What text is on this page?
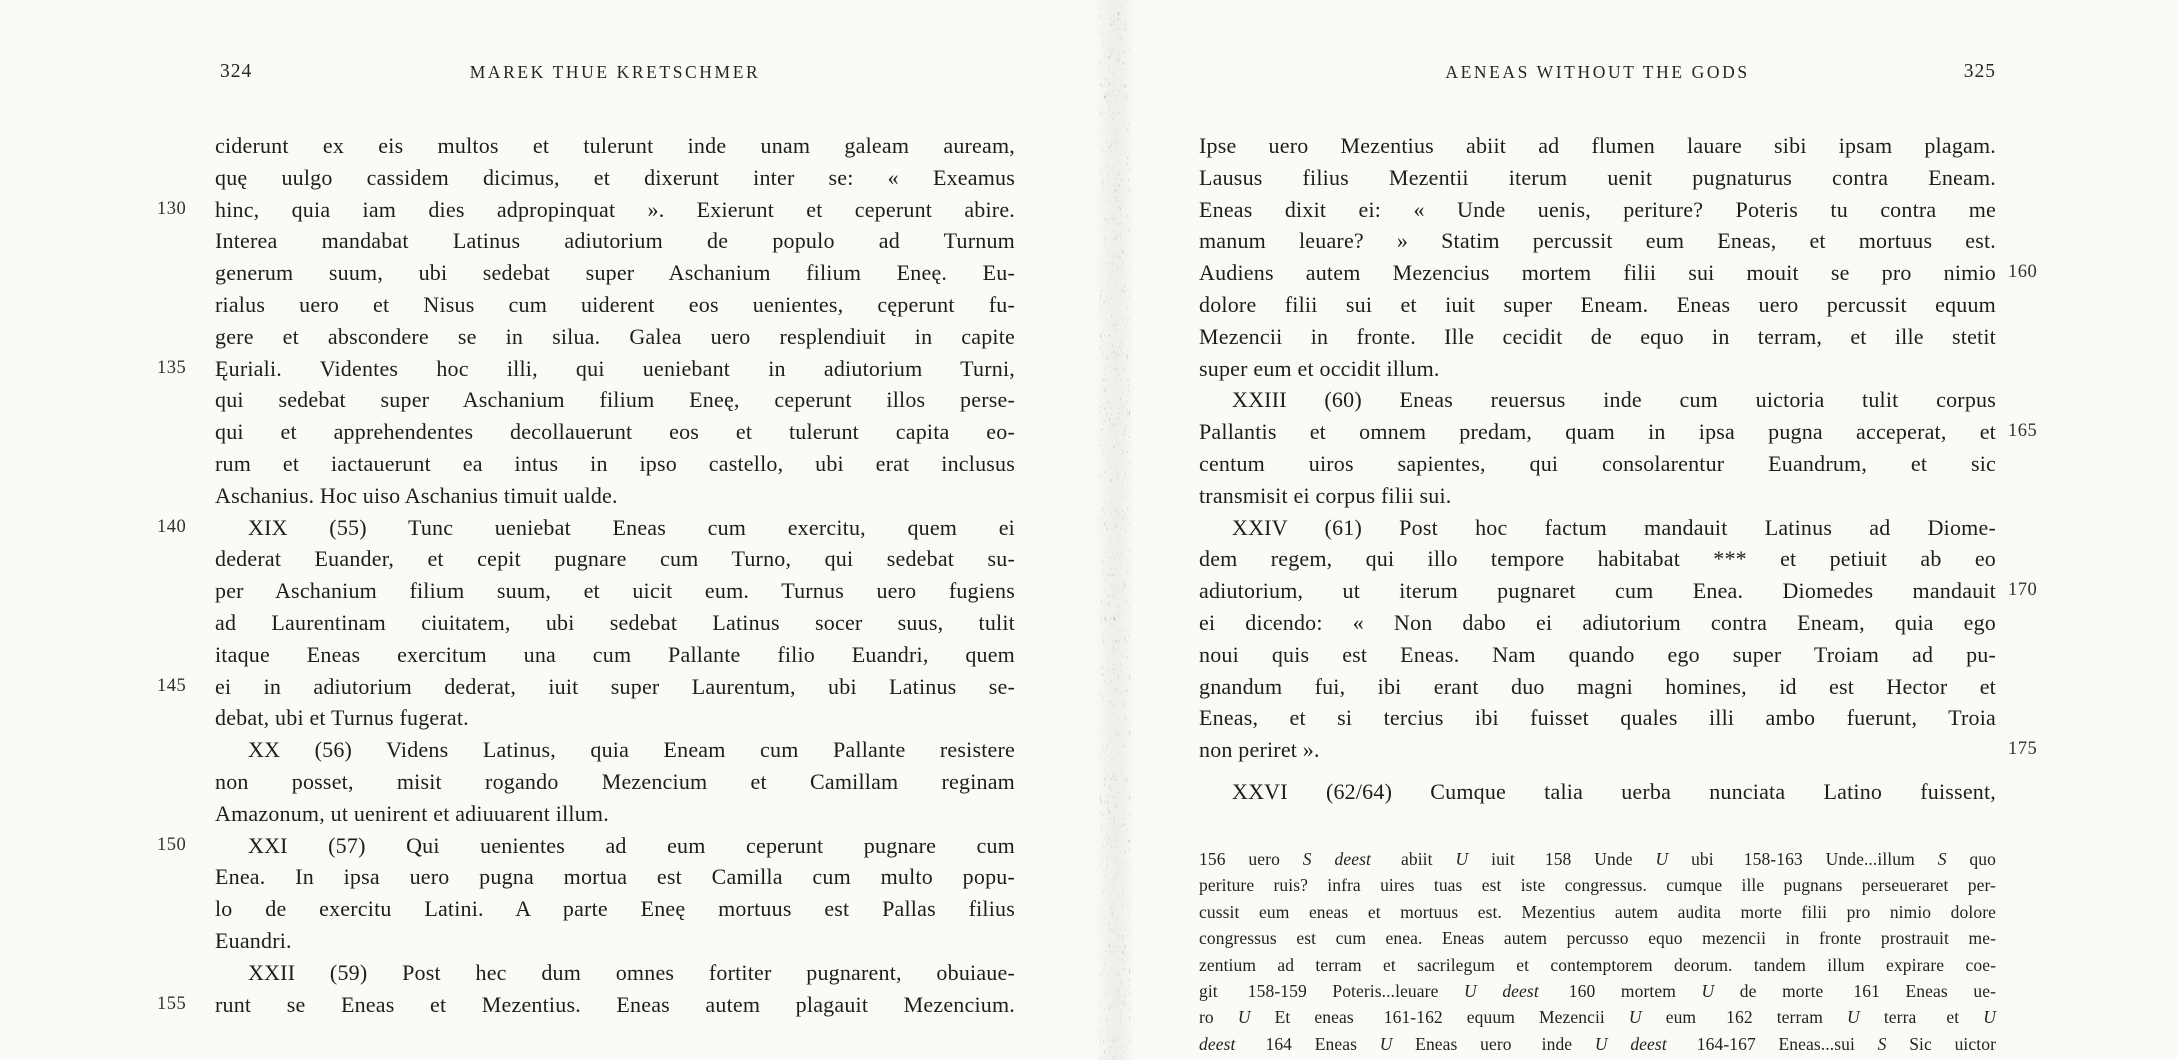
324	MAREK THUE KRETSCHMER
ciderunt ex eis multos et tulerunt inde unam galeam auream,
quę uulgo cassidem dicimus, et dixerunt inter se: « Exeamus
130	hinc, quia iam dies adpropinquat ». Exierunt et ceperunt abire.
Interea mandabat Latinus adiutorium de populo ad Turnum
generum suum, ubi sedebat super Aschanium filium Eneę. Eu-
rialus uero et Nisus cum uiderent eos uenientes, cęperunt fu-
gere et abscondere se in silua. Galea uero resplendiuit in capite
135	Ęuriali. Videntes hoc illi, qui ueniebant in adiutorium Turni,
qui sedebat super Aschanium filium Eneę, ceperunt illos perse-
qui et apprehendentes decollauerunt eos et tulerunt capita eo-
rum et iactauerunt ea intus in ipso castello, ubi erat inclusus
Aschanius. Hoc uiso Aschanius timuit ualde.
140	XIX (55) Tunc ueniebat Eneas cum exercitu, quem ei
dederat Euander, et cepit pugnare cum Turno, qui sedebat su-
per Aschanium filium suum, et uicit eum. Turnus uero fugiens
ad Laurentinam ciuitatem, ubi sedebat Latinus socer suus, tulit
itaque Eneas exercitum una cum Pallante filio Euandri, quem
145	ei in adiutorium dederat, iuit super Laurentum, ubi Latinus se-
debat, ubi et Turnus fugerat.
XX (56) Videns Latinus, quia Eneam cum Pallante resistere
non posset, misit rogando Mezencium et Camillam reginam
Amazonum, ut uenirent et adiuuarent illum.
150	XXI (57) Qui uenientes ad eum ceperunt pugnare cum
Enea. In ipsa uero pugna mortua est Camilla cum multo popu-
lo de exercitu Latini. A parte Eneę mortuus est Pallas filius
Euandri.
XXII (59) Post hec dum omnes fortiter pugnarent, obuiaue-
155	runt se Eneas et Mezentius. Eneas autem plagauit Mezencium.
AENEAS WITHOUT THE GODS	325
Ipse uero Mezentius abiit ad flumen lauare sibi ipsam plagam.
Lausus filius Mezentii iterum uenit pugnaturus contra Eneam.
Eneas dixit ei: « Unde uenis, periture? Poteris tu contra me
manum leuare? » Statim percussit eum Eneas, et mortuus est.
160
Audiens autem Mezencius mortem filii sui mouit se pro nimio
dolore filii sui et iuit super Eneam. Eneas uero percussit equum
Mezencii in fronte. Ille cecidit de equo in terram, et ille stetit
super eum et occidit illum.
XXIII (60) Eneas reuersus inde cum uictoria tulit corpus
165
Pallantis et omnem predam, quam in ipsa pugna acceperat, et
centum uiros sapientes, qui consolarentur Euandrum, et sic
transmisit ei corpus filii sui.
XXIV (61) Post hoc factum mandauit Latinus ad Diome-
dem regem, qui illo tempore habitabat *** et petiuit ab eo
170
adiutorium, ut iterum pugnaret cum Enea. Diomedes mandauit
ei dicendo: « Non dabo ei adiutorium contra Eneam, quia ego
noui quis est Eneas. Nam quando ego super Troiam ad pu-
gnandum fui, ibi erant duo magni homines, id est Hector et
Eneas, et si tercius ibi fuisset quales illi ambo fuerunt, Troia
175
non periret ».
XXVI (62/64) Cumque talia uerba nunciata Latino fuissent,
156 uero S deest abiit U iuit 158 Unde U ubi 158-163 Unde...illum S quo
periture ruis? infra uires tuas est iste congressus. cumque ille pugnans perseueraret per-
cussit eum eneas et mortuus est. Mezentius autem audita morte filii pro nimio dolore
congressus est cum enea. Eneas autem percusso equo mezencii in fronte prostrauit me-
zentium ad terram et sacrilegum et contemptorem deorum. tandem illum expirare coe-
git 158-159 Poteris...leuare U deest 160 mortem U de morte 161 Eneas ue-
ro U Et eneas 161-162 equum Mezencii U eum 162 terram U terra et U
deest 164 Eneas U Eneas uero inde U deest 164-167 Eneas...sui S Sic uictor
